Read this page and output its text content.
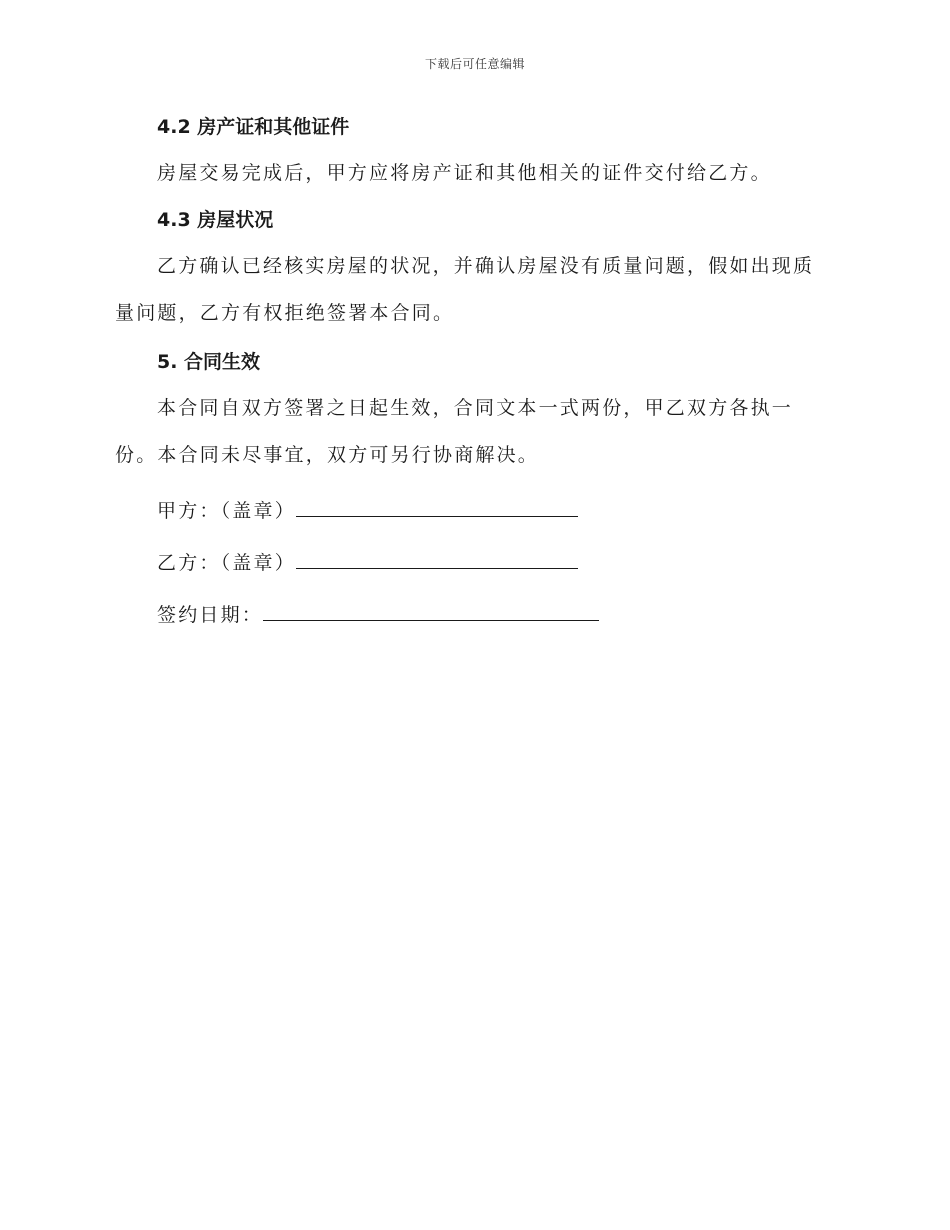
下载后可任意编辑
4.2 房产证和其他证件

房屋交易完成后，甲方应将房产证和其他相关的证件交付给乙方。

4.3 房屋状况

乙方确认已经核实房屋的状况，并确认房屋没有质量问题，假如出现质量问题，乙方有权拒绝签署本合同。

5. 合同生效

本合同自双方签署之日起生效，合同文本一式两份，甲乙双方各执一份。本合同未尽事宜，双方可另行协商解决。

甲方：（盖章）
乙方：（盖章）
签约日期：
